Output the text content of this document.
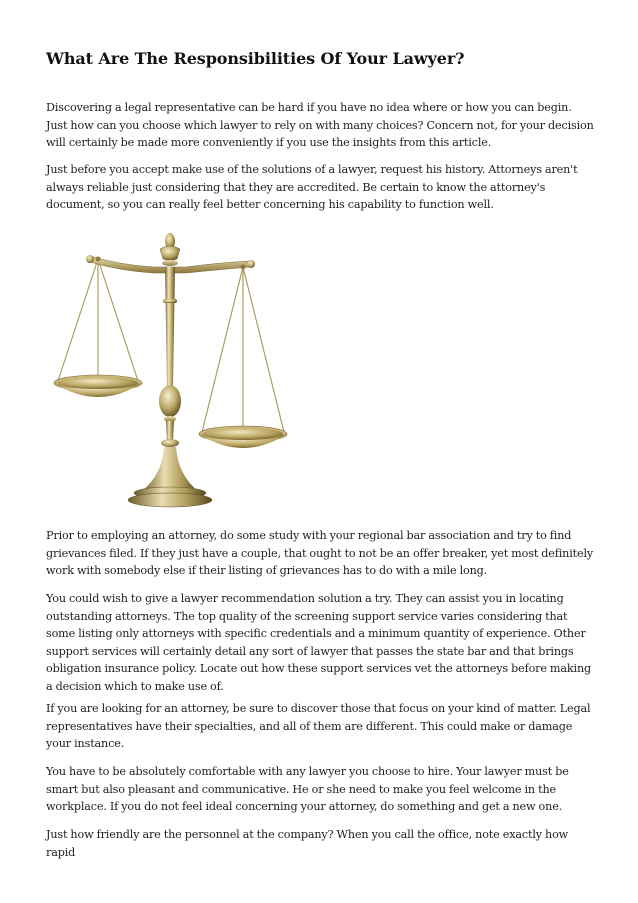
What Are The Responsibilities Of Your Lawyer?

Discovering a legal representative can be hard if you have no idea where or how you can begin. Just how can you choose which lawyer to rely on with many choices? Concern not, for your decision will certainly be made more conveniently if you use the insights from this article.

Just before you accept make use of the solutions of a lawyer, request his history. Attorneys aren't always reliable just considering that they are accredited. Be certain to know the attorney's document, so you can really feel better concerning his capability to function well.

Prior to employing an attorney, do some study with your regional bar association and try to find grievances filed. If they just have a couple, that ought to not be an offer breaker, yet most definitely work with somebody else if their listing of grievances has to do with a mile long.

You could wish to give a lawyer recommendation solution a try. They can assist you in locating outstanding attorneys. The top quality of the screening support service varies considering that some listing only attorneys with specific credentials and a minimum quantity of experience. Other support services will certainly detail any sort of lawyer that passes the state bar and that brings obligation insurance policy. Locate out how these support services vet the attorneys before making a decision which to make use of.

If you are looking for an attorney, be sure to discover those that focus on your kind of matter. Legal representatives have their specialties, and all of them are different. This could make or damage your instance.

You have to be absolutely comfortable with any lawyer you choose to hire. Your lawyer must be smart but also pleasant and communicative. He or she need to make you feel welcome in the workplace. If you do not feel ideal concerning your attorney, do something and get a new one.

Just how friendly are the personnel at the company? When you call the office, note exactly how rapid
